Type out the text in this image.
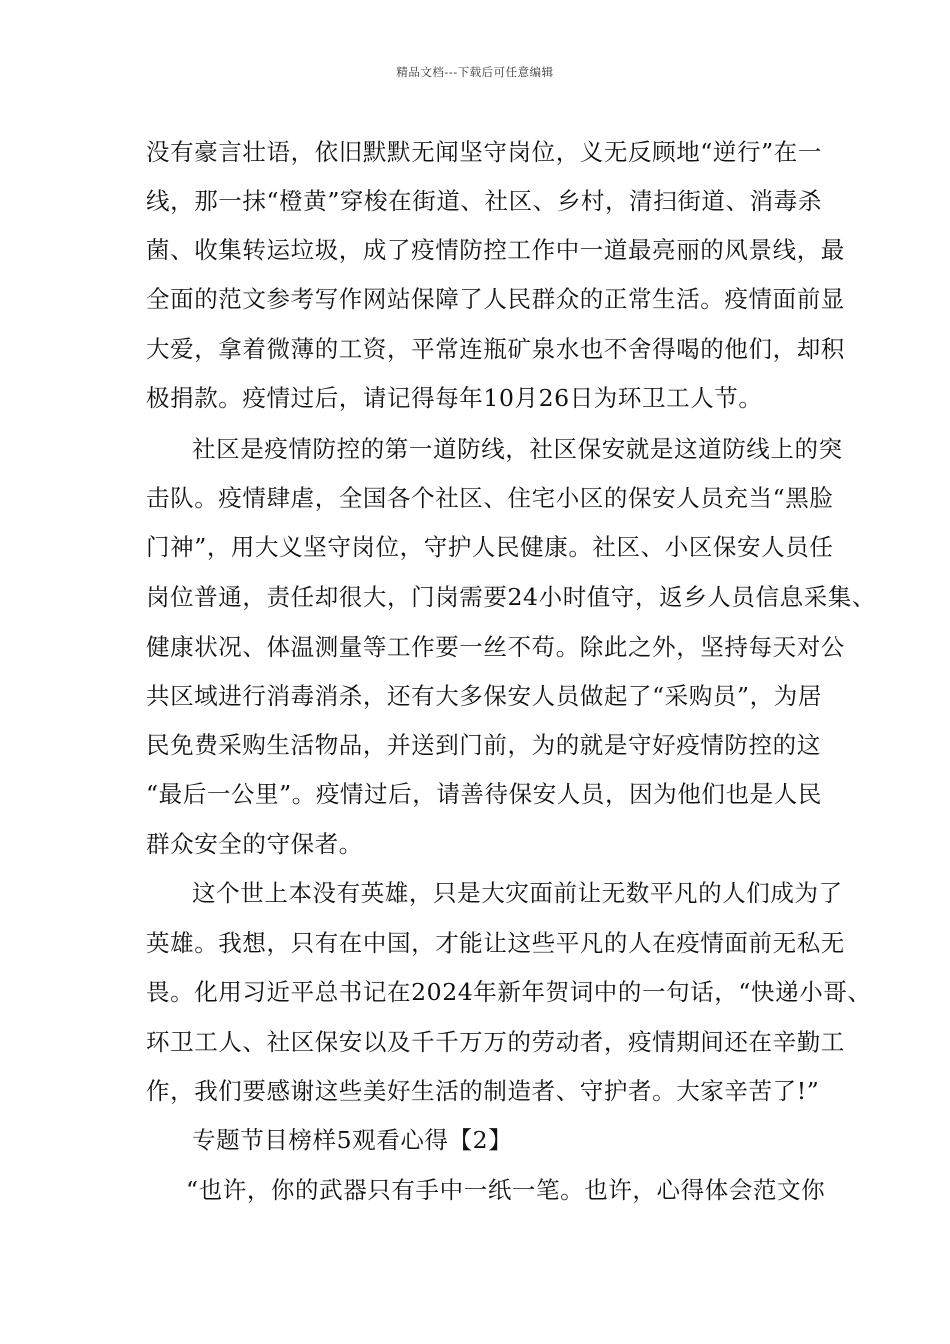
精品文档---下载后可任意编辑
没有豪言壮语，依旧默默无闻坚守岗位，义无反顾地“逆行”在一
线，那一抹“橙黄”穿梭在街道、社区、乡村，清扫街道、消毒杀
菌、收集转运垃圾，成了疫情防控工作中一道最亮丽的风景线，最
全面的范文参考写作网站保障了人民群众的正常生活。疫情面前显
大爱，拿着微薄的工资，平常连瓶矿泉水也不舍得喝的他们，却积
极捐款。疫情过后，请记得每年10月26日为环卫工人节。
社区是疫情防控的第一道防线，社区保安就是这道防线上的突
击队。疫情肆虐，全国各个社区、住宅小区的保安人员充当“黑脸
门神”，用大义坚守岗位，守护人民健康。社区、小区保安人员任
岗位普通，责任却很大，门岗需要24小时值守，返乡人员信息采集、
健康状况、体温测量等工作要一丝不苟。除此之外，坚持每天对公
共区域进行消毒消杀，还有大多保安人员做起了“采购员”，为居
民免费采购生活物品，并送到门前，为的就是守好疫情防控的这
“最后一公里”。疫情过后，请善待保安人员，因为他们也是人民
群众安全的守保者。
这个世上本没有英雄，只是大灾面前让无数平凡的人们成为了
英雄。我想，只有在中国，才能让这些平凡的人在疫情面前无私无
畏。化用习近平总书记在2024年新年贺词中的一句话，“快递小哥、
环卫工人、社区保安以及千千万万的劳动者，疫情期间还在辛勤工
作，我们要感谢这些美好生活的制造者、守护者。大家辛苦了!”
专题节目榜样5观看心得【2】
“也许，你的武器只有手中一纸一笔。也许，心得体会范文你
